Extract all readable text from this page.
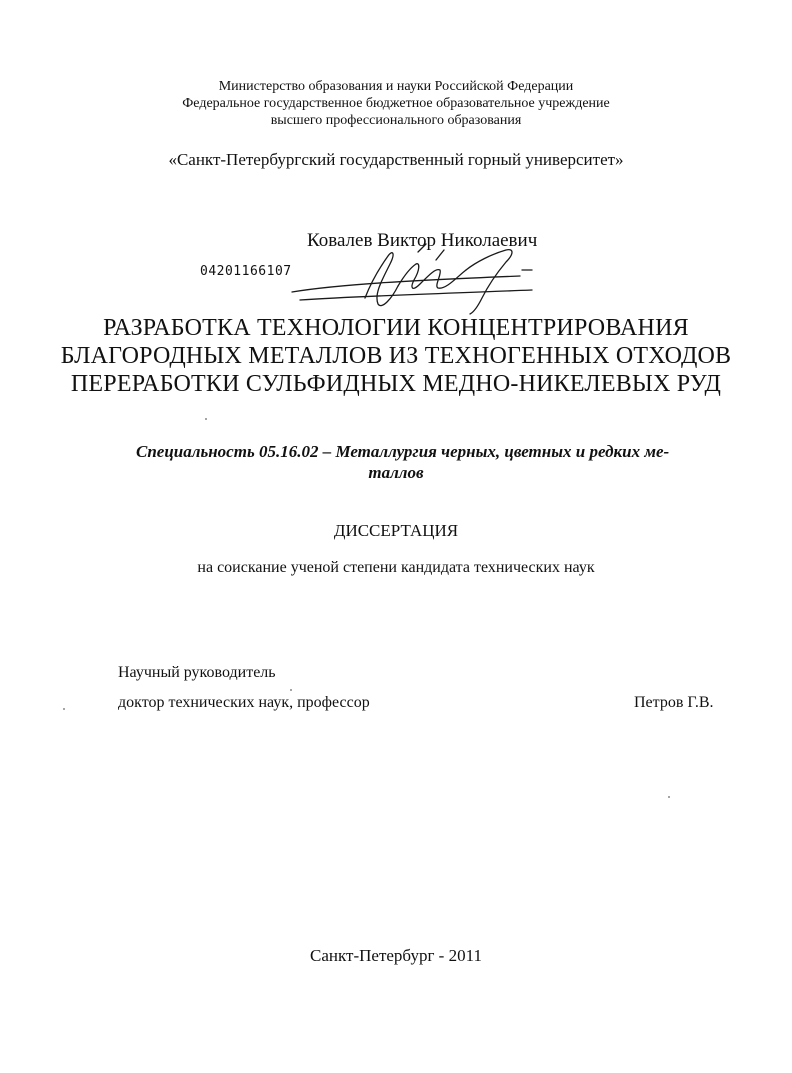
Министерство образования и науки Российской Федерации
Федеральное государственное бюджетное образовательное учреждение
высшего профессионального образования
«Санкт-Петербургский государственный горный университет»
Ковалев Виктор Николаевич
04201166107
РАЗРАБОТКА ТЕХНОЛОГИИ КОНЦЕНТРИРОВАНИЯ
БЛАГОРОДНЫХ МЕТАЛЛОВ ИЗ ТЕХНОГЕННЫХ ОТХОДОВ
ПЕРЕРАБОТКИ СУЛЬФИДНЫХ МЕДНО-НИКЕЛЕВЫХ РУД
Специальность 05.16.02 – Металлургия черных, цветных и редких ме-
таллов
ДИССЕРТАЦИЯ
на соискание ученой степени кандидата технических наук
Научный руководитель
доктор технических наук, профессор	Петров Г.В.
Санкт-Петербург - 2011
